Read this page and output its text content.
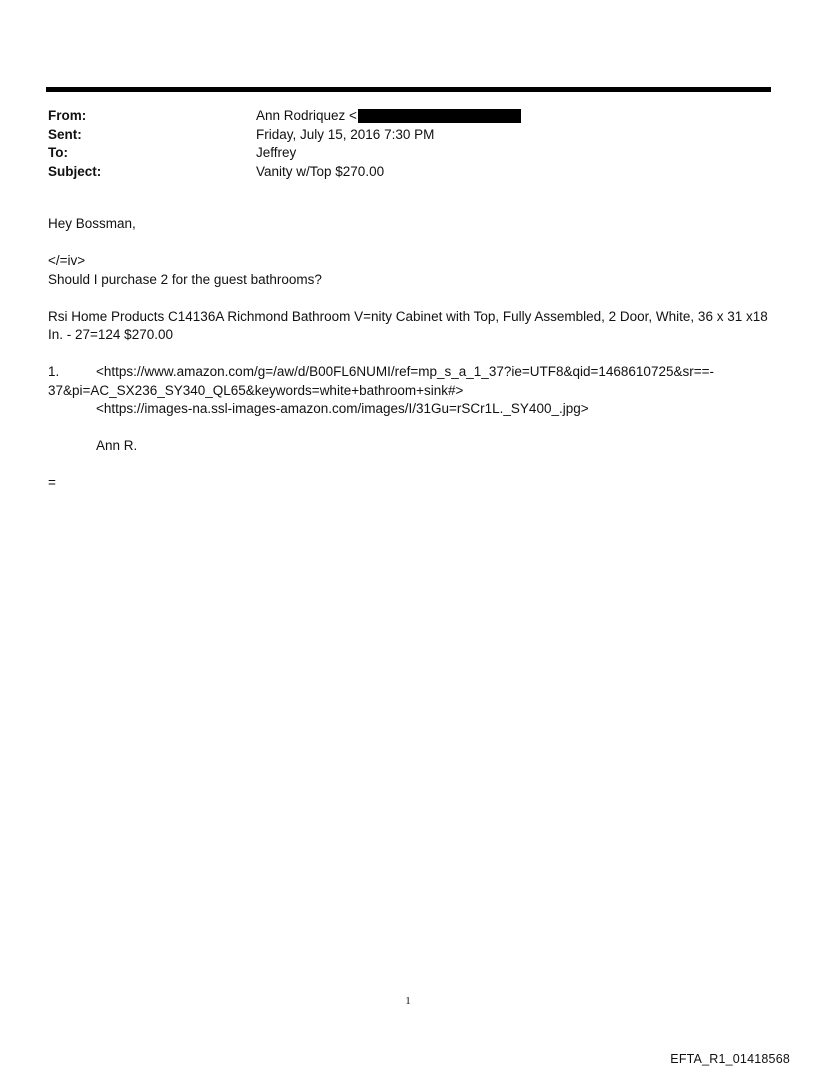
From:	Ann Rodriquez <
Sent:	Friday, July 15, 2016 7:30 PM
To:	Jeffrey
Subject:	Vanity w/Top $270.00

Hey Bossman,

</=iv>

Should I purchase 2 for the guest bathrooms?

Rsi Home Products C14136A Richmond Bathroom V=nity Cabinet with Top, Fully Assembled, 2 Door, White, 36 x 31 x18
In. - 27=124 $270.00
1.	<https://www.amazon.com/g=/aw/d/B00FL6NUMI/ref=mp_s_a_1_37?ie=UTF8&qid=1468610725&sr==-
37&pi=AC_SX236_SY340_QL65&keywords=white+bathroom+sink#>
<https://images-na.ssl-images-amazon.com/images/I/31Gu=rSCr1L._SY400_.jpg>

Ann R.

=

1
EFTA_R1_01418568
